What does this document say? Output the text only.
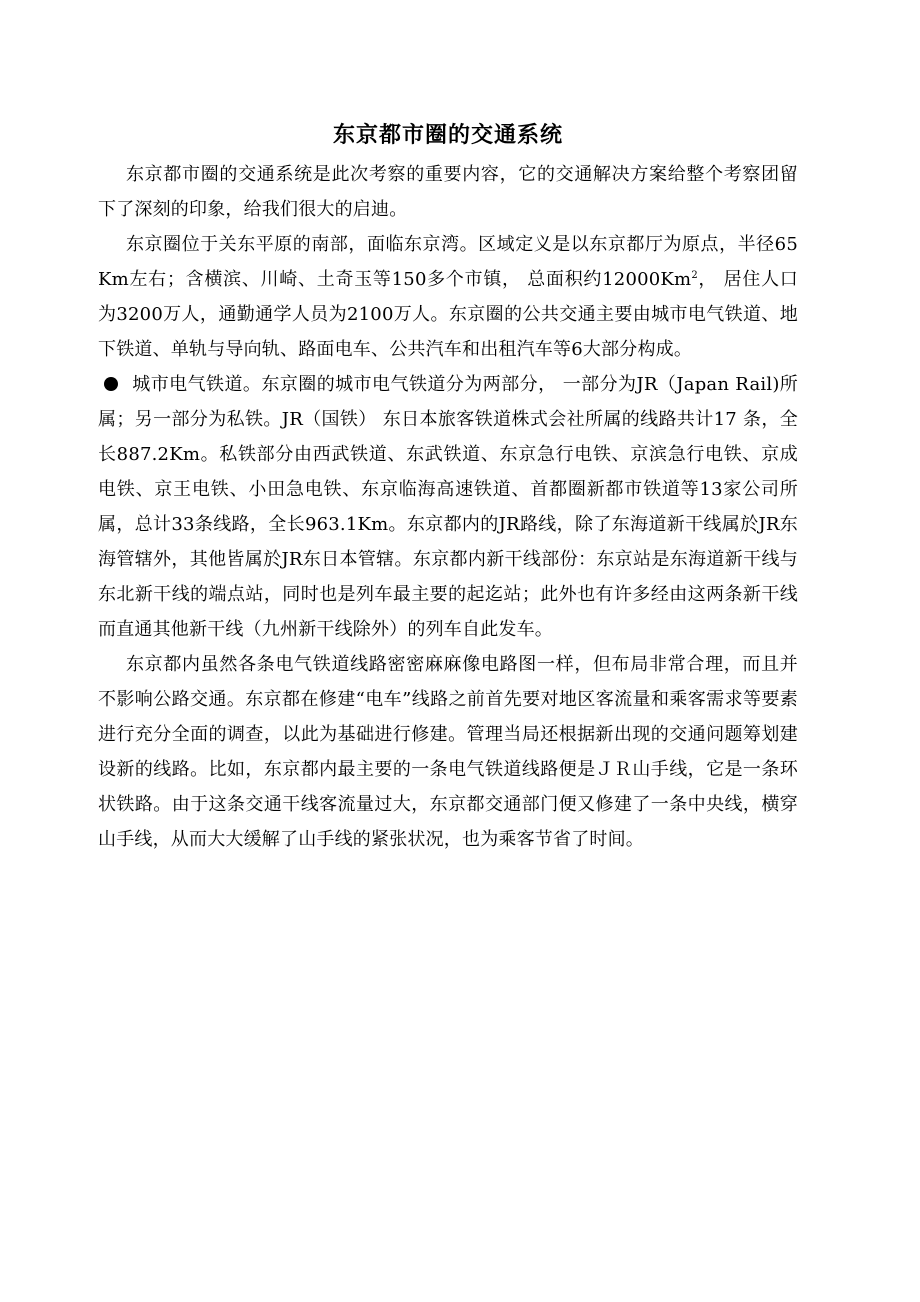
东京都市圈的交通系统

东京都市圈的交通系统是此次考察的重要内容，它的交通解决方案给整个考察团留下了深刻的印象，给我们很大的启迪。

东京圈位于关东平原的南部，面临东京湾。区域定义是以东京都厅为原点，半径65Km左右；含横滨、川崎、土奇玉等150多个市镇， 总面积约12000Km$^2$， 居住人口为3200万人，通勤通学人员为2100万人。东京圈的公共交通主要由城市电气铁道、地下铁道、单轨与导向轨、路面电车、公共汽车和出租汽车等6大部分构成。

城市电气铁道。东京圈的城市电气铁道分为两部分， 一部分为JR（Japan Rail)所属；另一部分为私铁。JR（国铁） 东日本旅客铁道株式会社所属的线路共计17 条，全长887.2Km。私铁部分由西武铁道、东武铁道、东京急行电铁、京滨急行电铁、京成电铁、京王电铁、小田急电铁、东京临海高速铁道、首都圈新都市铁道等13家公司所属，总计33条线路，全长963.1Km。东京都内的JR路线，除了东海道新干线属於JR东海管辖外，其他皆属於JR东日本管辖。东京都内新干线部份：东京站是东海道新干线与东北新干线的端点站，同时也是列车最主要的起迄站；此外也有许多经由这两条新干线而直通其他新干线（九州新干线除外）的列车自此发车。

东京都内虽然各条电气铁道线路密密麻麻像电路图一样，但布局非常合理，而且并不影响公路交通。东京都在修建“电车”线路之前首先要对地区客流量和乘客需求等要素进行充分全面的调查，以此为基础进行修建。管理当局还根据新出现的交通问题筹划建设新的线路。比如，东京都内最主要的一条电气铁道线路便是ＪＲ山手线，它是一条环状铁路。由于这条交通干线客流量过大，东京都交通部门便又修建了一条中央线，横穿山手线，从而大大缓解了山手线的紧张状况，也为乘客节省了时间。
